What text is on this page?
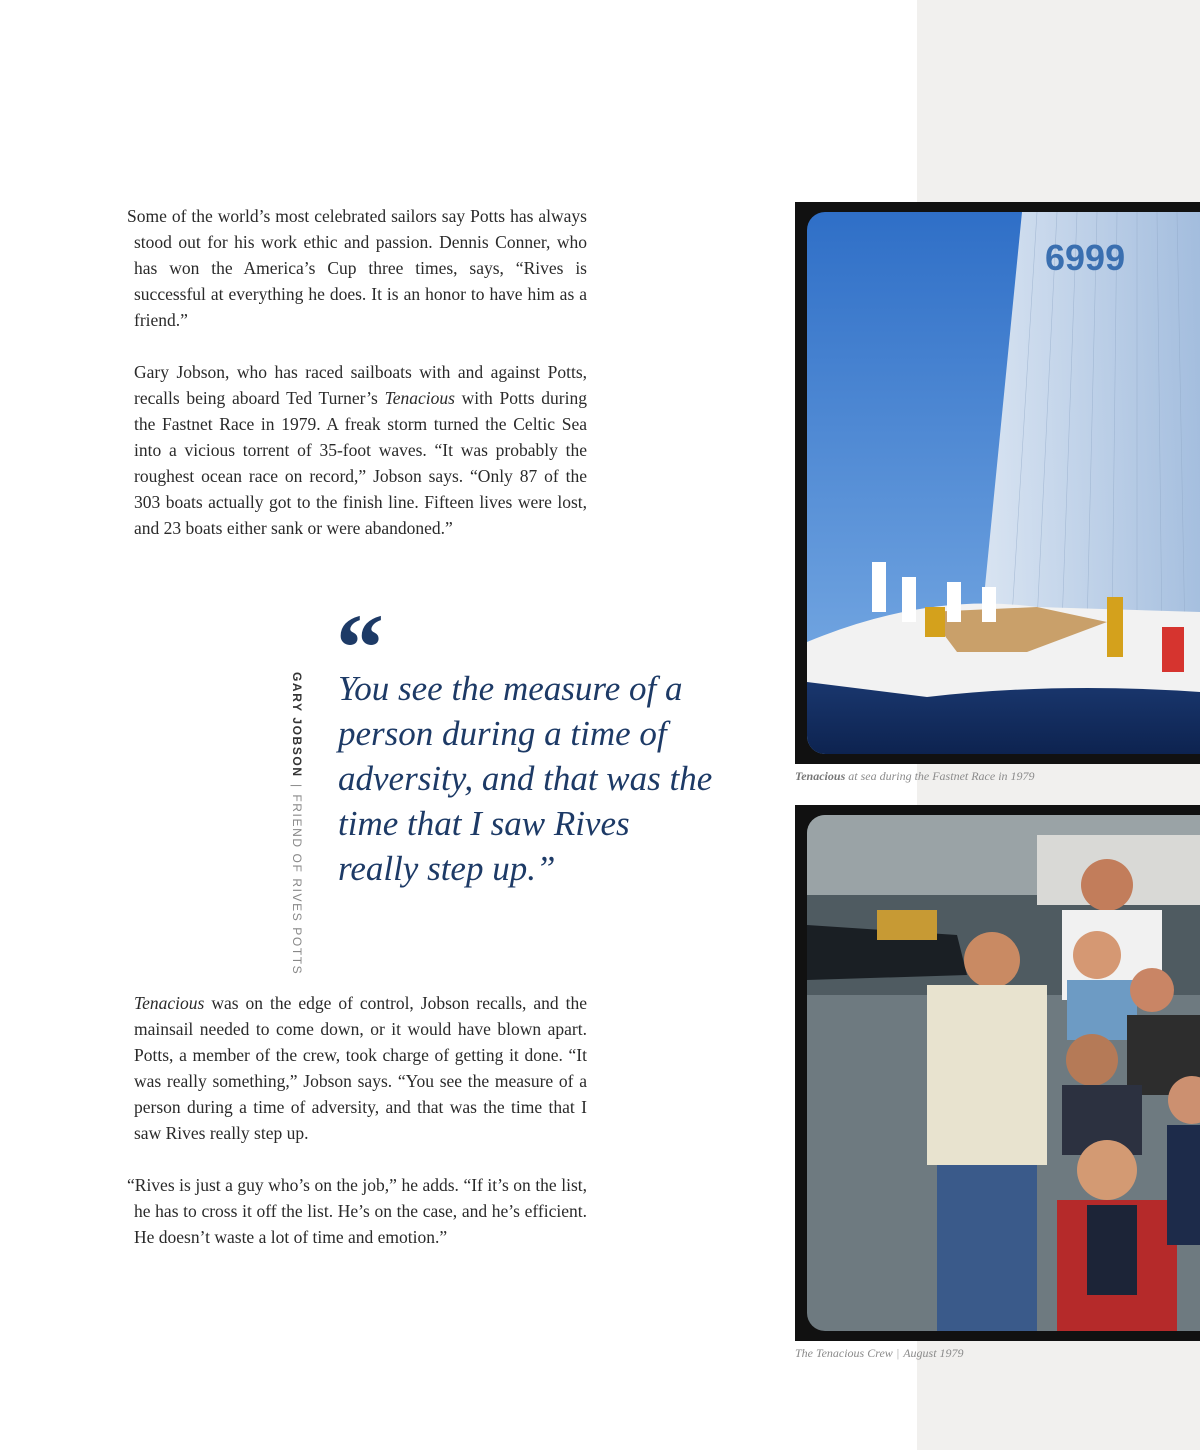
Some of the world’s most celebrated sailors say Potts has always stood out for his work ethic and passion. Dennis Conner, who has won the America’s Cup three times, says, “Rives is successful at everything he does. It is an honor to have him as a friend.”

Gary Jobson, who has raced sailboats with and against Potts, recalls being aboard Ted Turner’s Tenacious with Potts during the Fastnet Race in 1979. A freak storm turned the Celtic Sea into a vicious torrent of 35-foot waves. “It was probably the roughest ocean race on record,” Jobson says. “Only 87 of the 303 boats actually got to the finish line. Fifteen lives were lost, and 23 boats either sank or were abandoned.”

“

You see the measure of a person during a time of adversity, and that was the time that I saw Rives really step up.”

GARY JOBSON|FRIEND OF RIVES POTTS

Tenacious was on the edge of control, Jobson recalls, and the mainsail needed to come down, or it would have blown apart. Potts, a member of the crew, took charge of getting it done. “It was really something,” Jobson says. “You see the measure of a person during a time of adversity, and that was the time that I saw Rives really step up.

“Rives is just a guy who’s on the job,” he adds. “If it’s on the list, he has to cross it off the list. He’s on the case, and he’s efficient. He doesn’t waste a lot of time and emotion.”

6999
Tenacious at sea during the Fastnet Race in 1979
The Tenacious Crew | August 1979
